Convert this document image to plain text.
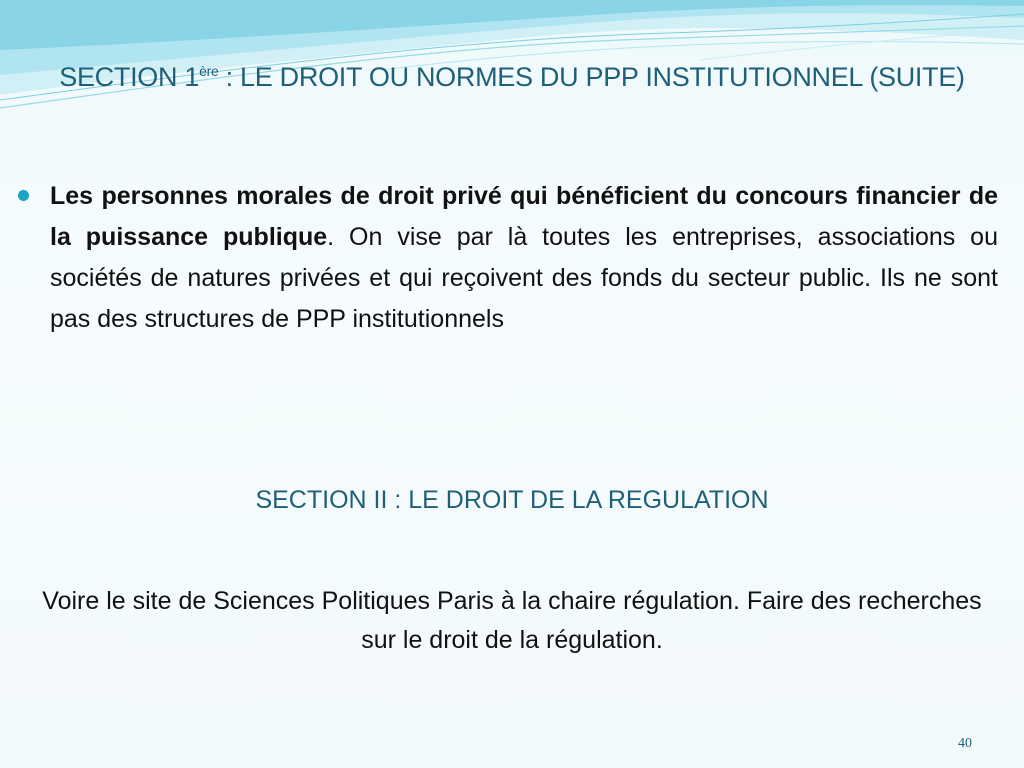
SECTION 1ère : LE DROIT OU NORMES DU PPP INSTITUTIONNEL (SUITE)
Les personnes morales de droit privé qui bénéficient du concours financier de la puissance publique. On vise par là toutes les entreprises, associations ou sociétés de natures privées et qui reçoivent des fonds du secteur public. Ils ne sont pas des structures de PPP institutionnels
SECTION II : LE DROIT DE LA REGULATION
Voire le site de Sciences Politiques Paris à la chaire régulation. Faire des recherches sur le droit de la régulation.
40
